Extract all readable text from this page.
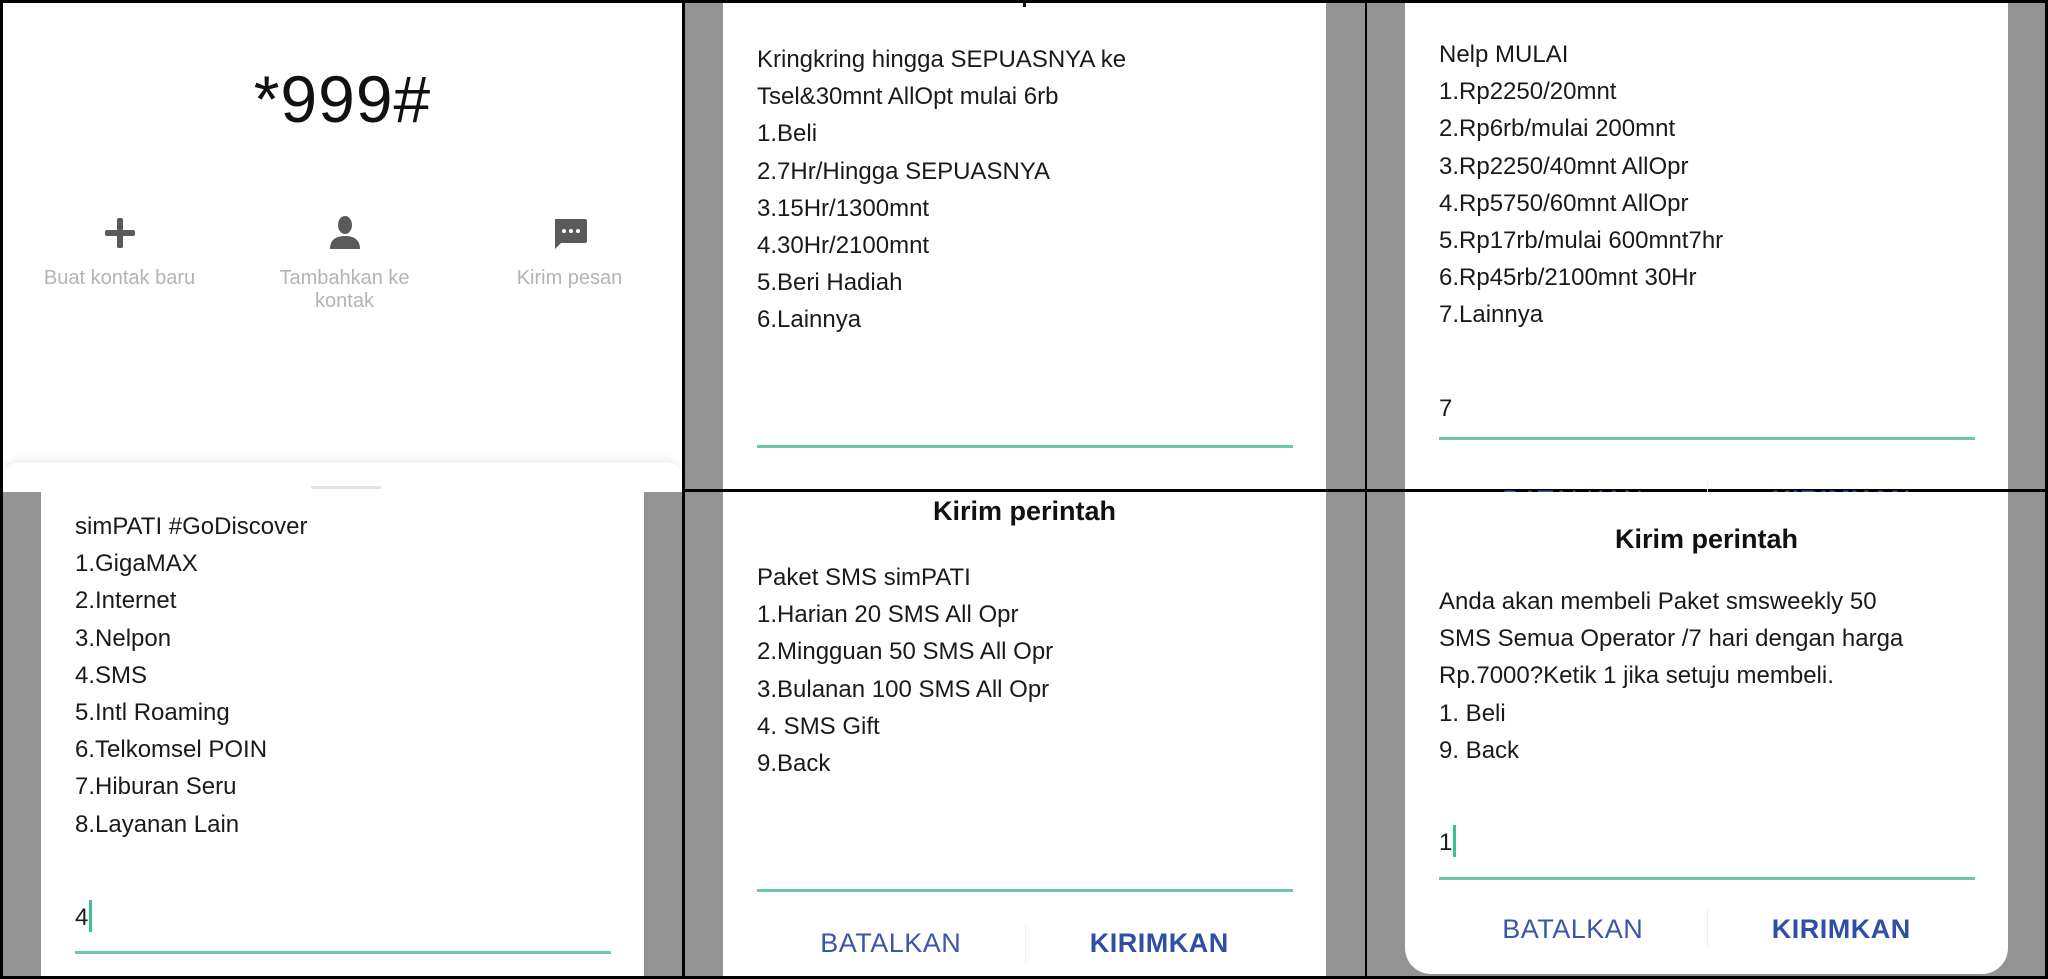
*999#
Buat kontak baru	Tambahkan ke kontak
Kirim pesan
Kringkring hingga SEPUASNYA ke
Tsel&30mnt AllOpt mulai 6rb
1.Beli
2.7Hr/Hingga SEPUASNYA
3.15Hr/1300mnt
4.30Hr/2100mnt
5.Beri Hadiah
6.Lainnya
Nelp MULAI
1.Rp2250/20mnt
2.Rp6rb/mulai 200mnt
3.Rp2250/40mnt AllOpr
4.Rp5750/60mnt AllOpr
5.Rp17rb/mulai 600mnt7hr
6.Rp45rb/2100mnt 30Hr
7.Lainnya
7
simPATI #GoDiscover
1.GigaMAX
2.Internet
3.Nelpon
4.SMS
5.Intl Roaming
6.Telkomsel POIN
7.Hiburan Seru
8.Layanan Lain
4
Kirim perintah
Paket SMS simPATI
1.Harian 20 SMS All Opr
2.Mingguan 50 SMS All Opr
3.Bulanan 100 SMS All Opr
4. SMS Gift
9.Back
BATALKAN	KIRIMKAN
Kirim perintah
Anda akan membeli Paket smsweekly 50
SMS Semua Operator /7 hari dengan harga
Rp.7000?Ketik 1 jika setuju membeli.
1. Beli
9. Back
1
BATALKAN	KIRIMKAN
